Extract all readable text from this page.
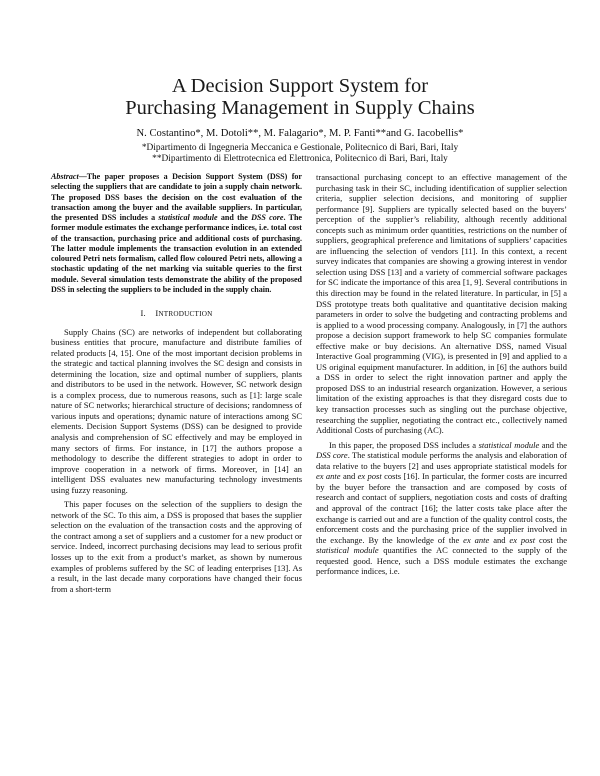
A Decision Support System for
Purchasing Management in Supply Chains
N. Costantino*, M. Dotoli**, M. Falagario*, M. P. Fanti**and G. Iacobellis*
*Dipartimento di Ingegneria Meccanica e Gestionale, Politecnico di Bari, Bari, Italy
**Dipartimento di Elettrotecnica ed Elettronica, Politecnico di Bari, Bari, Italy
Abstract—The paper proposes a Decision Support System (DSS) for selecting the suppliers that are candidate to join a supply chain network. The proposed DSS bases the decision on the cost evaluation of the transaction among the buyer and the available suppliers. In particular, the presented DSS includes a statistical module and the DSS core. The former module estimates the exchange performance indices, i.e. total cost of the transaction, purchasing price and additional costs of purchasing. The latter module implements the transaction evolution in an extended coloured Petri nets formalism, called flow coloured Petri nets, allowing a stochastic updating of the net marking via suitable queries to the first module. Several simulation tests demonstrate the ability of the proposed DSS in selecting the suppliers to be included in the supply chain.
I. INTRODUCTION

Supply Chains (SC) are networks of independent but collaborating business entities that procure, manufacture and distribute families of related products [4, 15]. One of the most important decision problems in the strategic and tactical planning involves the SC design and consists in determining the location, size and optimal number of suppliers, plants and distributors to be used in the network. However, SC network design is a complex process, due to numerous reasons, such as [1]: large scale nature of SC networks; hierarchical structure of decisions; randomness of various inputs and operations; dynamic nature of interactions among SC elements. Decision Support Systems (DSS) can be designed to provide analysis and comprehension of SC effectively and may be employed in many sectors of firms. For instance, in [17] the authors propose a methodology to describe the different strategies to adopt in order to improve cooperation in a network of firms. Moreover, in [14] an intelligent DSS evaluates new manufacturing technology investments using fuzzy reasoning.

This paper focuses on the selection of the suppliers to design the network of the SC. To this aim, a DSS is proposed that bases the supplier selection on the evaluation of the transaction costs and the approving of the contract among a set of suppliers and a customer for a new product or service. Indeed, incorrect purchasing decisions may lead to serious profit losses up to the exit from a product’s market, as shown by numerous examples of problems suffered by the SC of leading enterprises [13]. As a result, in the last decade many corporations have changed their focus from a short-term

transactional purchasing concept to an effective management of the purchasing task in their SC, including identification of supplier selection criteria, supplier selection decisions, and monitoring of supplier performance [9]. Suppliers are typically selected based on the buyers’ perception of the supplier’s reliability, although recently additional concepts such as minimum order quantities, restrictions on the number of suppliers, geographical preference and limitations of suppliers’ capacities are influencing the selection of vendors [11]. In this context, a recent survey indicates that companies are showing a growing interest in vendor selection using DSS [13] and a variety of commercial software packages for SC indicate the importance of this area [1, 9]. Several contributions in this direction may be found in the related literature. In particular, in [5] a DSS prototype treats both qualitative and quantitative decision making parameters in order to solve the budgeting and contracting problems and is applied to a wood processing company. Analogously, in [7] the authors propose a decision support framework to help SC companies formulate effective make or buy decisions. An alternative DSS, named Visual Interactive Goal programming (VIG), is presented in [9] and applied to a US original equipment manufacturer. In addition, in [6] the authors build a DSS in order to select the right innovation partner and apply the proposed DSS to an industrial research organization. However, a serious limitation of the existing approaches is that they disregard costs due to key transaction processes such as singling out the purchase objective, researching the supplier, negotiating the contract etc., collectively named Additional Costs of purchasing (AC).

In this paper, the proposed DSS includes a statistical module and the DSS core. The statistical module performs the analysis and elaboration of data relative to the buyers [2] and uses appropriate statistical models for ex ante and ex post costs [16]. In particular, the former costs are incurred by the buyer before the transaction and are composed by costs of research and contact of suppliers, negotiation costs and costs of drafting and approval of the contract [16]; the latter costs take place after the exchange is carried out and are a function of the quality control costs, the enforcement costs and the purchasing price of the supplier involved in the exchange. By the knowledge of the ex ante and ex post cost the statistical module quantifies the AC connected to the supply of the requested good. Hence, such a DSS module estimates the exchange performance indices, i.e.
